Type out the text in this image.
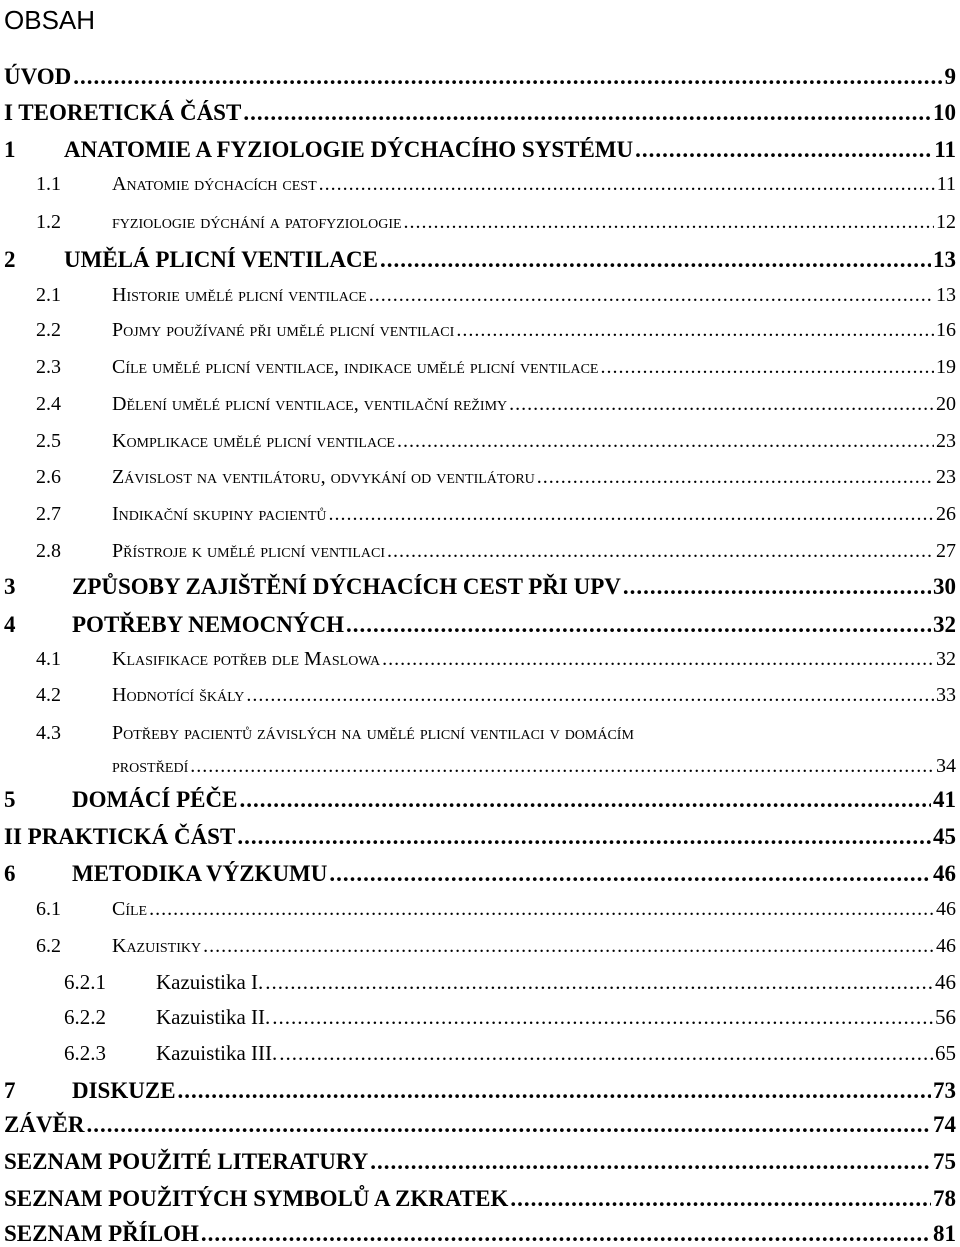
OBSAH
ÚVOD .....	9
I TEORETICKÁ ČÁST .....	10
1 ANATOMIE A FYZIOLOGIE DÝCHACÍHO SYSTÉMU .....	11
1.1	Anatomie dýchacích cest .....	11
1.2	fyziologie dýchání a patofyziologie .....	12
2 UMĚLÁ PLICNÍ VENTILACE .....	13
2.1	Historie umělé plicní ventilace .....	13
2.2	Pojmy používané při umělé plicní ventilaci .....	16
2.3	Cíle umělé plicní ventilace, indikace umělé plicní ventilace .....	19
2.4	Dělení umělé plicní ventilace, ventilační režimy .....	20
2.5	Komplikace umělé plicní ventilace .....	23
2.6	Závislost na ventilátoru, odvykání od ventilátoru .....	23
2.7	Indikační skupiny pacientů .....	26
2.8	Přístroje k umělé plicní ventilaci .....	27
3 ZPŮSOBY ZAJIŠTĚNÍ DÝCHACÍCH CEST PŘI UPV .....	30
4 POTŘEBY NEMOCNÝCH .....	32
4.1	Klasifikace potřeb dle Maslowa .....	32
4.2	Hodnotící škály .....	33
4.3	Potřeby pacientů závislých na umělé plicní ventilaci v domácím
prostředí .....	34
5 DOMÁCÍ PÉČE .....	41
II PRAKTICKÁ ČÁST .....	45
6 METODIKA VÝZKUMU .....	46
6.1	Cíle .....	46
6.2	Kazuistiky .....	46
6.2.1 Kazuistika I. .....	46
6.2.2 Kazuistika II. .....	56
6.2.3 Kazuistika III. .....	65
7 DISKUZE .....	73
ZÁVĚR .....	74
SEZNAM POUŽITÉ LITERATURY .....	75
SEZNAM POUŽITÝCH SYMBOLŮ A ZKRATEK .....	78
SEZNAM PŘÍLOH .....	81
